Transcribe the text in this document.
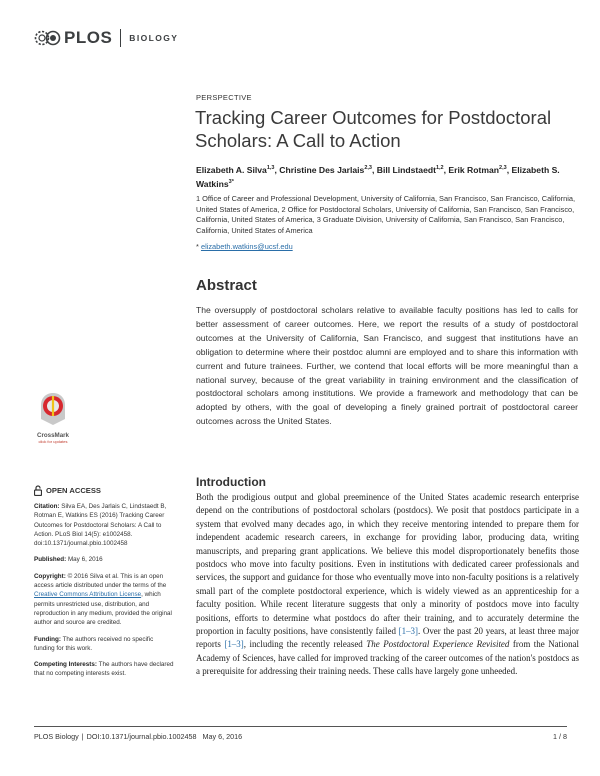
PLOS BIOLOGY
PERSPECTIVE
Tracking Career Outcomes for Postdoctoral Scholars: A Call to Action
Elizabeth A. Silva$^{1,3}$, Christine Des Jarlais$^{2,3}$, Bill Lindstaedt$^{1,2}$, Erik Rotman$^{2,3}$, Elizabeth S. Watkins$^{3*}$
1 Office of Career and Professional Development, University of California, San Francisco, San Francisco, California, United States of America, 2 Office for Postdoctoral Scholars, University of California, San Francisco, San Francisco, California, United States of America, 3 Graduate Division, University of California, San Francisco, San Francisco, California, United States of America
* elizabeth.watkins@ucsf.edu
Abstract

The oversupply of postdoctoral scholars relative to available faculty positions has led to calls for better assessment of career outcomes. Here, we report the results of a study of postdoctoral outcomes at the University of California, San Francisco, and suggest that institutions have an obligation to determine where their postdoc alumni are employed and to share this information with current and future trainees. Further, we contend that local efforts will be more meaningful than a national survey, because of the great variability in training environment and the classification of postdoctoral scholars among institutions. We provide a framework and methodology that can be adopted by others, with the goal of developing a finely grained portrait of postdoctoral career outcomes across the United States.

CrossMark
click for updates
OPEN ACCESS

Citation: Silva EA, Des Jarlais C, Lindstaedt B, Rotman E, Watkins ES (2016) Tracking Career Outcomes for Postdoctoral Scholars: A Call to Action. PLoS Biol 14(5): e1002458. doi:10.1371/journal.pbio.1002458

Published: May 6, 2016

Copyright: © 2016 Silva et al. This is an open access article distributed under the terms of the Creative Commons Attribution License, which permits unrestricted use, distribution, and reproduction in any medium, provided the original author and source are credited.

Funding: The authors received no specific funding for this work.

Competing Interests: The authors have declared that no competing interests exist.

Introduction

Both the prodigious output and global preeminence of the United States academic research enterprise depend on the contributions of postdoctoral scholars (postdocs). We posit that postdocs participate in a system that evolved many decades ago, in which they receive mentoring intended to prepare them for independent academic research careers, in exchange for providing labor, producing data, writing manuscripts, and preparing grant applications. We believe this model disproportionately benefits those postdocs who move into faculty positions. Even in institutions with dedicated career professionals and services, the support and guidance for those who eventually move into non-faculty positions is a relatively small part of the complete postdoctoral experience, which is widely viewed as an apprenticeship for a faculty position. While recent literature suggests that only a minority of postdocs move into faculty positions, efforts to determine what postdocs do after their training, and to accurately determine the proportion in faculty positions, have consistently failed [1–3]. Over the past 20 years, at least three major reports [1–3], including the recently released The Postdoctoral Experience Revisited from the National Academy of Sciences, have called for improved tracking of the career outcomes of the nation's postdocs as a prerequisite for addressing their training needs. These calls have largely gone unheeded.

PLOS Biology | DOI:10.1371/journal.pbio.1002458 May 6, 2016	1 / 8
